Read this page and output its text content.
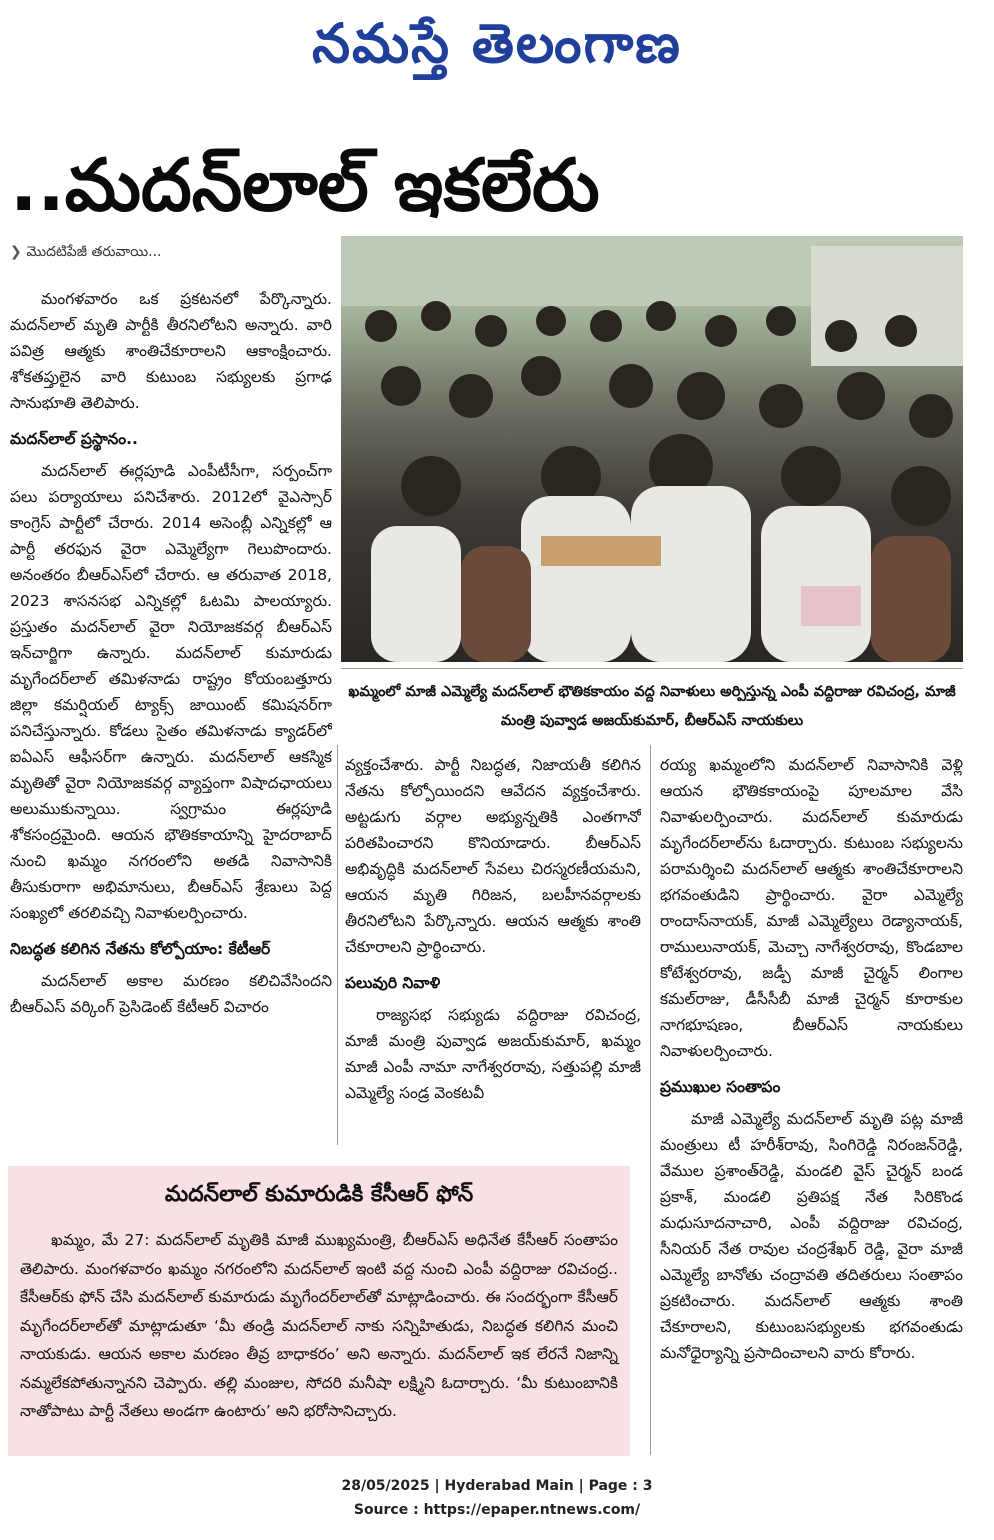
నమస్తే తెలంగాణ
..మదన్‌లాల్ ఇకలేరు
❯ మొదటిపేజీ తరువాయి...

మంగళవారం ఒక ప్రకటనలో పేర్కొన్నారు. మదన్‌లాల్ మృతి పార్టీకి తీరనిలోటని అన్నారు. వారి పవిత్ర ఆత్మకు శాంతిచేకూరాలని ఆకాంక్షించారు. శోకతప్తులైన వారి కుటుంబ సభ్యులకు ప్రగాఢ సానుభూతి తెలిపారు.

మదన్‌లాల్ ప్రస్థానం..

మదన్‌లాల్ ఈర్లపూడి ఎంపీటీసీగా, సర్పంచ్‌గా పలు పర్యాయాలు పనిచేశారు. 2012లో వైఎస్సార్ కాంగ్రెస్ పార్టీలో చేరారు. 2014 అసెంబ్లీ ఎన్నికల్లో ఆ పార్టీ తరఫున వైరా ఎమ్మెల్యేగా గెలుపొందారు. అనంతరం బీఆర్‌ఎస్‌లో చేరారు. ఆ తరువాత 2018, 2023 శాసనసభ ఎన్నికల్లో ఓటమి పాలయ్యారు. ప్రస్తుతం మదన్‌లాల్ వైరా నియోజకవర్గ బీఆర్‌ఎస్ ఇన్‌చార్జిగా ఉన్నారు. మదన్‌లాల్ కుమారుడు మృగేందర్‌లాల్ తమిళనాడు రాష్ట్రం కోయంబత్తూరు జిల్లా కమర్షియల్ ట్యాక్స్ జాయింట్ కమిషనర్‌గా పనిచేస్తున్నారు. కోడలు సైతం తమిళనాడు క్యాడర్‌లో ఐఏఎస్ ఆఫీసర్‌గా ఉన్నారు. మదన్‌లాల్ ఆకస్మిక మృతితో వైరా నియోజకవర్గ వ్యాప్తంగా విషాదఛాయలు అలుముకున్నాయి. స్వగ్రామం ఈర్లపూడి శోకసంద్రమైంది. ఆయన భౌతికకాయాన్ని హైదరాబాద్ నుంచి ఖమ్మం నగరంలోని అతడి నివాసానికి తీసుకురాగా అభిమానులు, బీఆర్‌ఎస్ శ్రేణులు పెద్ద సంఖ్యలో తరలివచ్చి నివాళులర్పించారు.

నిబద్ధత కలిగిన నేతను కోల్పోయాం: కేటీఆర్

మదన్‌లాల్ అకాల మరణం కలిచివేసిందని బీఆర్‌ఎస్ వర్కింగ్ ప్రెసిడెంట్ కేటీఆర్ విచారం

ఖమ్మంలో మాజీ ఎమ్మెల్యే మదన్‌లాల్ భౌతికకాయం వద్ద నివాళులు అర్పిస్తున్న ఎంపీ వద్దిరాజు రవిచంద్ర, మాజీ మంత్రి పువ్వాడ అజయ్‌కుమార్, బీఆర్‌ఎస్ నాయకులు

వ్యక్తంచేశారు. పార్టీ నిబద్ధత, నిజాయతీ కలిగిన నేతను కోల్పోయిందని ఆవేదన వ్యక్తంచేశారు. అట్టడుగు వర్గాల అభ్యున్నతికి ఎంతగానో పరితపించారని కొనియాడారు. బీఆర్‌ఎస్ అభివృద్ధికి మదన్‌లాల్ సేవలు చిరస్మరణీయమని, ఆయన మృతి గిరిజన, బలహీనవర్గాలకు తీరనిలోటని పేర్కొన్నారు. ఆయన ఆత్మకు శాంతి చేకూరాలని ప్రార్థించారు.

పలువురి నివాళి

రాజ్యసభ సభ్యుడు వద్దిరాజు రవిచంద్ర, మాజీ మంత్రి పువ్వాడ అజయ్‌కుమార్, ఖమ్మం మాజీ ఎంపీ నామా నాగేశ్వరరావు, సత్తుపల్లి మాజీ ఎమ్మెల్యే సండ్ర వెంకటవీ

రయ్య ఖమ్మంలోని మదన్‌లాల్ నివాసానికి వెళ్లి ఆయన భౌతికకాయంపై పూలమాల వేసి నివాళులర్పించారు. మదన్‌లాల్ కుమారుడు మృగేందర్‌లాల్‌ను ఓదార్చారు. కుటుంబ సభ్యులను పరామర్శించి మదన్‌లాల్ ఆత్మకు శాంతిచేకూరాలని భగవంతుడిని ప్రార్థించారు. వైరా ఎమ్మెల్యే రాందాస్‌నాయక్, మాజీ ఎమ్మెల్యేలు రెడ్యానాయక్, రాములునాయక్, మెచ్చా నాగేశ్వరరావు, కొండబాల కోటేశ్వరరావు, జడ్పీ మాజీ చైర్మన్ లింగాల కమల్‌రాజు, డీసీసీబీ మాజీ చైర్మన్ కూరాకుల నాగభూషణం, బీఆర్‌ఎస్ నాయకులు నివాళులర్పించారు.

ప్రముఖుల సంతాపం

మాజీ ఎమ్మెల్యే మదన్‌లాల్ మృతి పట్ల మాజీ మంత్రులు టీ హరీశ్‌రావు, సింగిరెడ్డి నిరంజన్‌రెడ్డి, వేముల ప్రశాంత్‌రెడ్డి, మండలి వైస్ చైర్మన్ బండ ప్రకాశ్, మండలి ప్రతిపక్ష నేత సిరికొండ మధుసూదనాచారి, ఎంపీ వద్దిరాజు రవిచంద్ర, సీనియర్ నేత రావుల చంద్రశేఖర్ రెడ్డి, వైరా మాజీ ఎమ్మెల్యే బానోతు చంద్రావతి తదితరులు సంతాపం ప్రకటించారు. మదన్‌లాల్ ఆత్మకు శాంతి చేకూరాలని, కుటుంబసభ్యులకు భగవంతుడు మనోధైర్యాన్ని ప్రసాదించాలని వారు కోరారు.

మదన్‌లాల్ కుమారుడికి కేసీఆర్ ఫోన్
ఖమ్మం, మే 27: మదన్‌లాల్ మృతికి మాజీ ముఖ్యమంత్రి, బీఆర్‌ఎస్ అధినేత కేసీఆర్ సంతాపం తెలిపారు. మంగళవారం ఖమ్మం నగరంలోని మదన్‌లాల్ ఇంటి వద్ద నుంచి ఎంపీ వద్దిరాజు రవిచంద్ర.. కేసీఆర్‌కు ఫోన్ చేసి మదన్‌లాల్ కుమారుడు మృగేందర్‌లాల్‌తో మాట్లాడించారు. ఈ సందర్భంగా కేసీఆర్ మృగేందర్‌లాల్‌తో మాట్లాడుతూ ‘మీ తండ్రి మదన్‌లాల్ నాకు సన్నిహితుడు, నిబద్ధత కలిగిన మంచి నాయకుడు. ఆయన అకాల మరణం తీవ్ర బాధాకరం’ అని అన్నారు. మదన్‌లాల్ ఇక లేరనే నిజాన్ని నమ్మలేకపోతున్నానని చెప్పారు. తల్లి మంజుల, సోదరి మనీషా లక్ష్మిని ఓదార్చారు. ‘మీ కుటుంబానికి నాతోపాటు పార్టీ నేతలు అండగా ఉంటారు’ అని భరోసానిచ్చారు.
28/05/2025 | Hyderabad Main | Page : 3
Source : https://epaper.ntnews.com/
